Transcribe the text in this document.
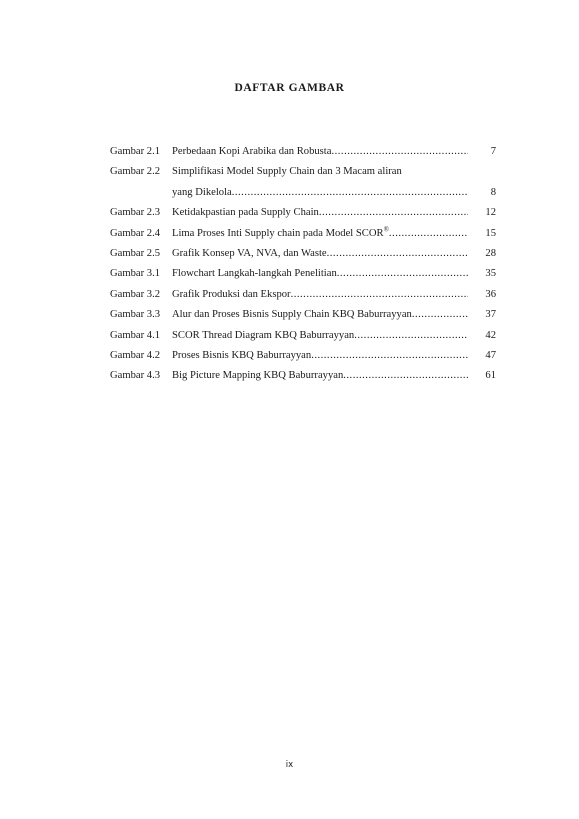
DAFTAR GAMBAR
Gambar 2.1	Perbedaan Kopi Arabika dan Robusta .....	7
Gambar 2.2	Simplifikasi Model Supply Chain dan 3 Macam aliran
yang Dikelola .....	8
Gambar 2.3	Ketidakpastian pada Supply Chain .....	12
Gambar 2.4	Lima Proses Inti Supply chain pada Model SCOR® .....	15
Gambar 2.5	Grafik Konsep VA, NVA, dan Waste .....	28
Gambar 3.1	Flowchart Langkah-langkah Penelitian .....	35
Gambar 3.2	Grafik Produksi dan Ekspor .....	36
Gambar 3.3	Alur dan Proses Bisnis Supply Chain KBQ Baburrayyan .....	37
Gambar 4.1	SCOR Thread Diagram KBQ Baburrayyan .....	42
Gambar 4.2	Proses Bisnis KBQ Baburrayyan .....	47
Gambar 4.3	Big Picture Mapping KBQ Baburrayyan .....	61
ix
